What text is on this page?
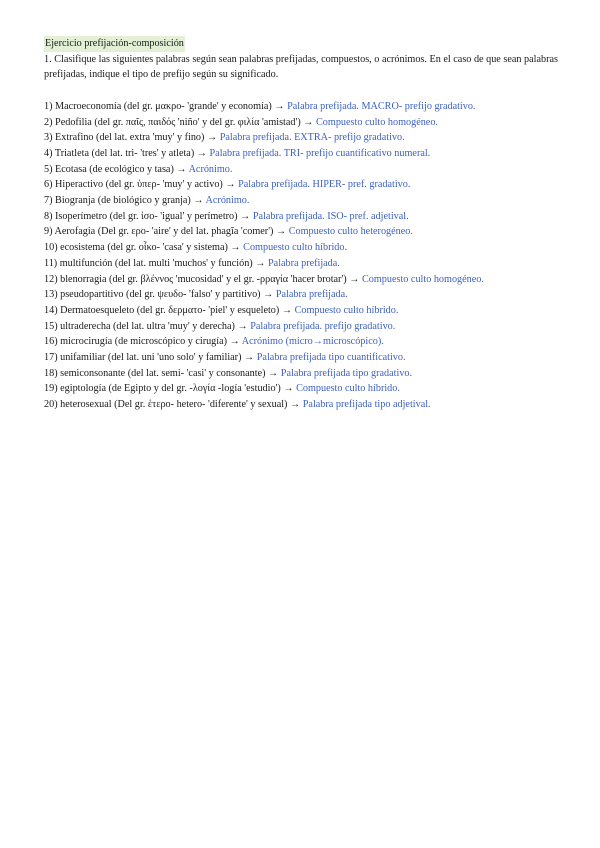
Ejercicio prefijación-composición

1. Clasifique las siguientes palabras según sean palabras prefijadas, compuestos, o acrónimos. En el caso de que sean palabras prefijadas, indique el tipo de prefijo según su significado.

1) Macroeconomía (del gr. μακρο- 'grande' y economía) → Palabra prefijada. MACRO- prefijo gradativo.
2) Pedofilia (del gr. παῖς, παιδός 'niño' y del gr. φιλία 'amistad') → Compuesto culto homogéneo.
3) Extrafino (del lat. extra 'muy' y fino) → Palabra prefijada. EXTRA- prefijo gradativo.
4) Triatleta (del lat. tri- 'tres' y atleta) → Palabra prefijada. TRI- prefijo cuantificativo numeral.
5) Ecotasa (de ecológico y tasa) → Acrónimo.
6) Hiperactivo (del gr. ὑπερ- 'muy' y activo) → Palabra prefijada. HIPER- pref. gradativo.
7) Biogranja (de biológico y granja) → Acrónimo.
8) Isoperímetro (del gr. ἰσο- 'igual' y perímetro) → Palabra prefijada. ISO- pref. adjetival.
9) Aerofagia (Del gr. ερο- 'aire' y del lat. phagĭa 'comer') → Compuesto culto heterogéneo.
10) ecosistema (del gr. οἶκο- 'casa' y sistema) → Compuesto culto híbrido.
11) multifunción (del lat. multi 'muchos' y función) → Palabra prefijada.
12) blenorragia (del gr. βλέννος 'mucosidad' y el gr. -ρραγία 'hacer brotar') → Compuesto culto homogéneo.
13) pseudopartitivo (del gr. ψευδο- 'falso' y partitivo) → Palabra prefijada.
14) Dermatoesqueleto (del gr. δερματο- 'piel' y esqueleto) → Compuesto culto híbrido.
15) ultraderecha (del lat. ultra 'muy' y derecha) → Palabra prefijada. prefijo gradativo.
16) microcirugía (de microscópico y cirugía) → Acrónimo (micro→microscópico).
17) unifamiliar (del lat. uni 'uno solo' y familiar) → Palabra prefijada tipo cuantificativo.
18) semiconsonante (del lat. semi- 'casi' y consonante) → Palabra prefijada tipo gradativo.
19) egiptología (de Egipto y del gr. -λογία -logía 'estudio') → Compuesto culto híbrido.
20) heterosexual (Del gr. ἑτερο- hetero- 'diferente' y sexual) → Palabra prefijada tipo adjetival.
